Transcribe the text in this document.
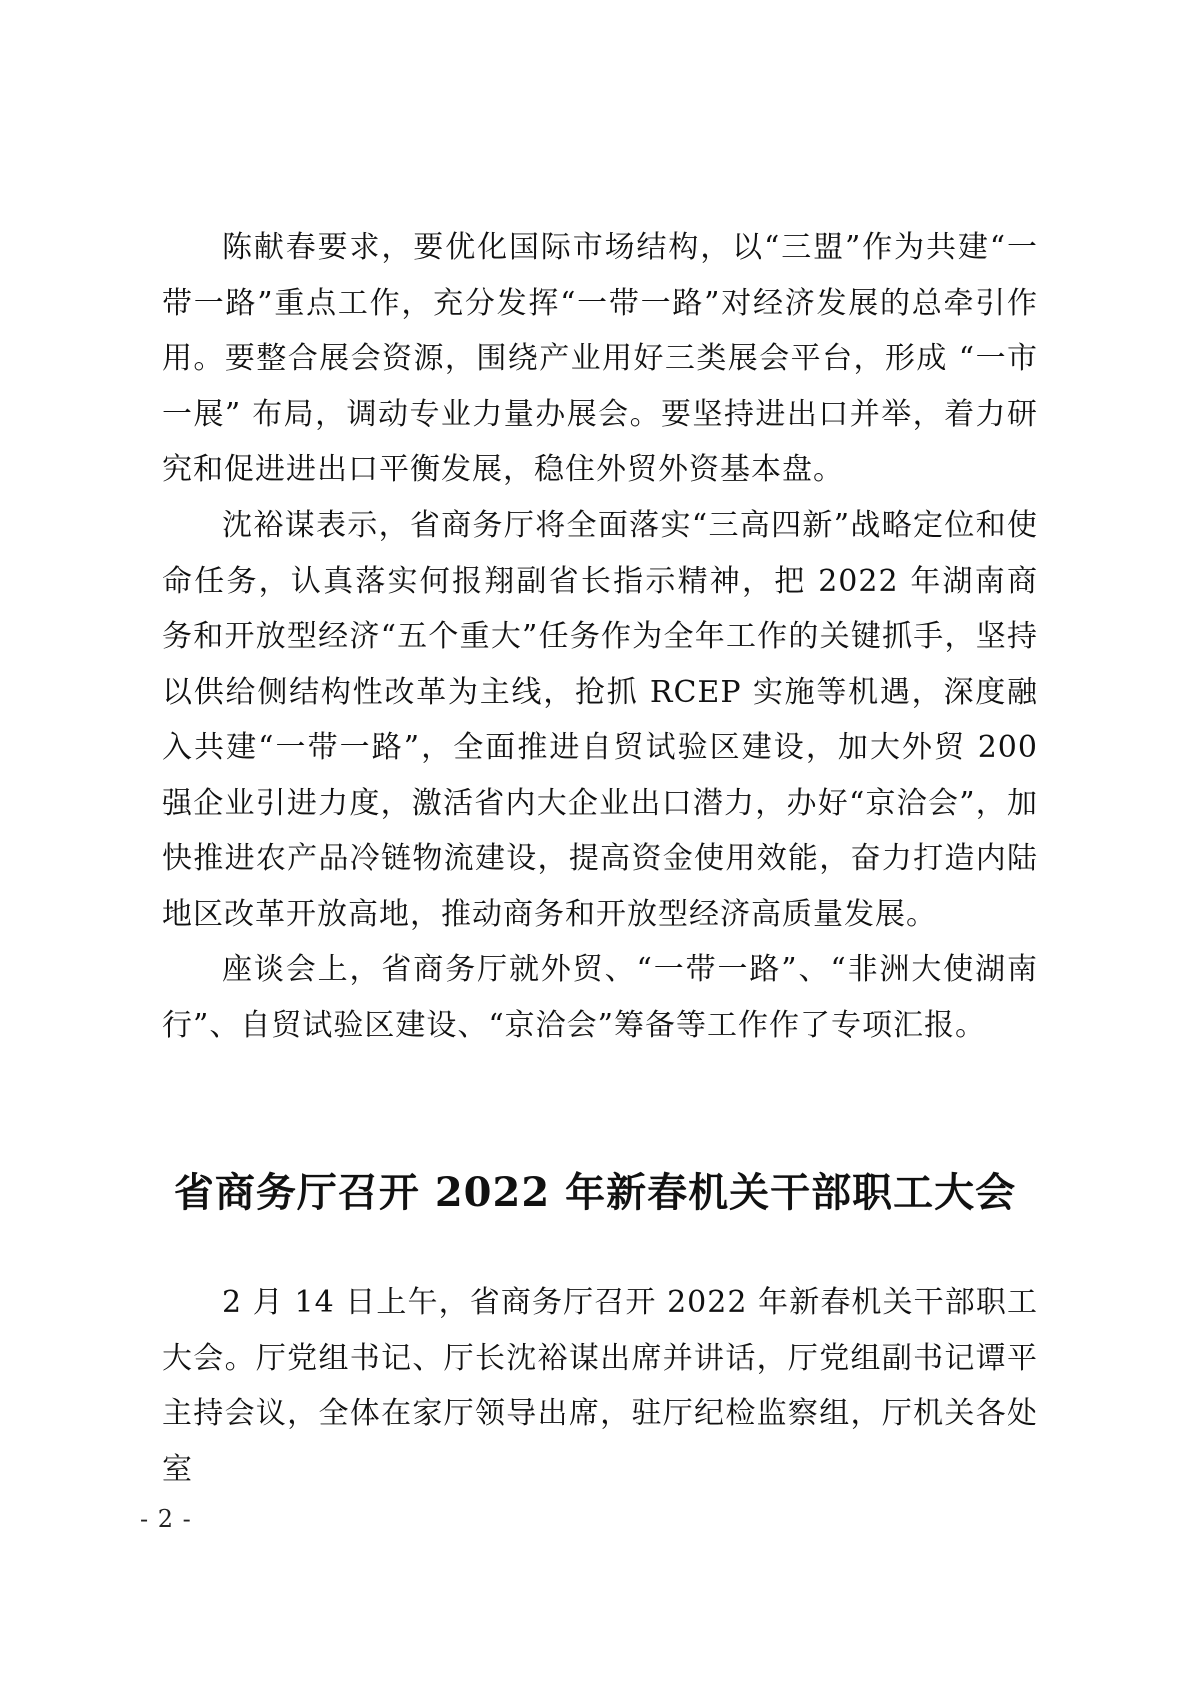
陈献春要求，要优化国际市场结构，以“三盟”作为共建“一带一路”重点工作，充分发挥“一带一路”对经济发展的总牵引作用。要整合展会资源，围绕产业用好三类展会平台，形成 “一市一展” 布局，调动专业力量办展会。要坚持进出口并举，着力研究和促进进出口平衡发展，稳住外贸外资基本盘。

沈裕谋表示，省商务厅将全面落实“三高四新”战略定位和使命任务，认真落实何报翔副省长指示精神，把 2022 年湖南商务和开放型经济“五个重大”任务作为全年工作的关键抓手，坚持以供给侧结构性改革为主线，抢抓 RCEP 实施等机遇，深度融入共建“一带一路”，全面推进自贸试验区建设，加大外贸 200 强企业引进力度，激活省内大企业出口潜力，办好“京洽会”，加快推进农产品冷链物流建设，提高资金使用效能，奋力打造内陆地区改革开放高地，推动商务和开放型经济高质量发展。

座谈会上，省商务厅就外贸、“一带一路”、“非洲大使湖南行”、自贸试验区建设、“京洽会”筹备等工作作了专项汇报。

省商务厅召开 2022 年新春机关干部职工大会

2 月 14 日上午，省商务厅召开 2022 年新春机关干部职工大会。厅党组书记、厅长沈裕谋出席并讲话，厅党组副书记谭平主持会议，全体在家厅领导出席，驻厅纪检监察组，厅机关各处室

- 2 -
